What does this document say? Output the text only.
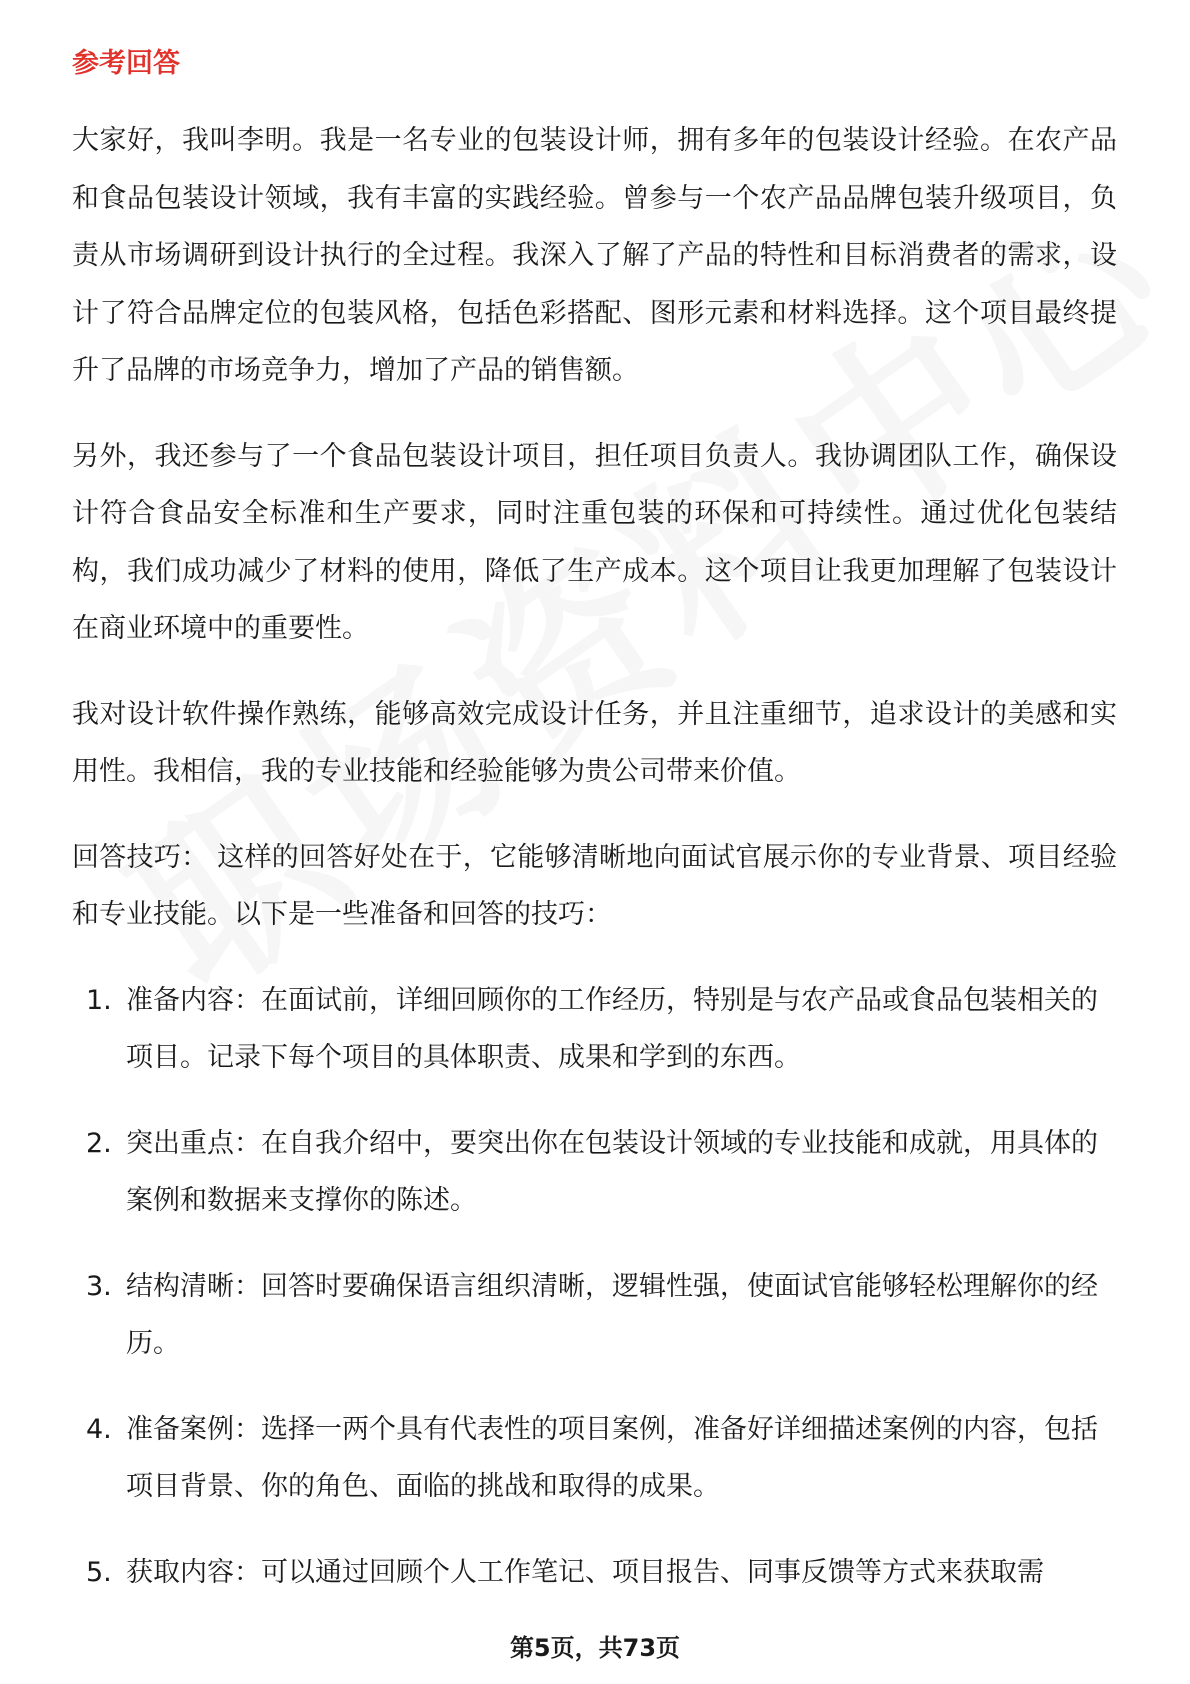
参考回答

大家好，我叫李明。我是一名专业的包装设计师，拥有多年的包装设计经验。在农产品和食品包装设计领域，我有丰富的实践经验。曾参与一个农产品品牌包装升级项目，负责从市场调研到设计执行的全过程。我深入了解了产品的特性和目标消费者的需求，设计了符合品牌定位的包装风格，包括色彩搭配、图形元素和材料选择。这个项目最终提升了品牌的市场竞争力，增加了产品的销售额。

另外，我还参与了一个食品包装设计项目，担任项目负责人。我协调团队工作，确保设计符合食品安全标准和生产要求，同时注重包装的环保和可持续性。通过优化包装结构，我们成功减少了材料的使用，降低了生产成本。这个项目让我更加理解了包装设计在商业环境中的重要性。

我对设计软件操作熟练，能够高效完成设计任务，并且注重细节，追求设计的美感和实用性。我相信，我的专业技能和经验能够为贵公司带来价值。

回答技巧： 这样的回答好处在于，它能够清晰地向面试官展示你的专业背景、项目经验和专业技能。以下是一些准备和回答的技巧：

1. 准备内容：在面试前，详细回顾你的工作经历，特别是与农产品或食品包装相关的项目。记录下每个项目的具体职责、成果和学到的东西。
2. 突出重点：在自我介绍中，要突出你在包装设计领域的专业技能和成就，用具体的案例和数据来支撑你的陈述。
3. 结构清晰：回答时要确保语言组织清晰，逻辑性强，使面试官能够轻松理解你的经历。
4. 准备案例：选择一两个具有代表性的项目案例，准备好详细描述案例的内容，包括项目背景、你的角色、面临的挑战和取得的成果。
5. 获取内容：可以通过回顾个人工作笔记、项目报告、同事反馈等方式来获取需
第5页，共73页
